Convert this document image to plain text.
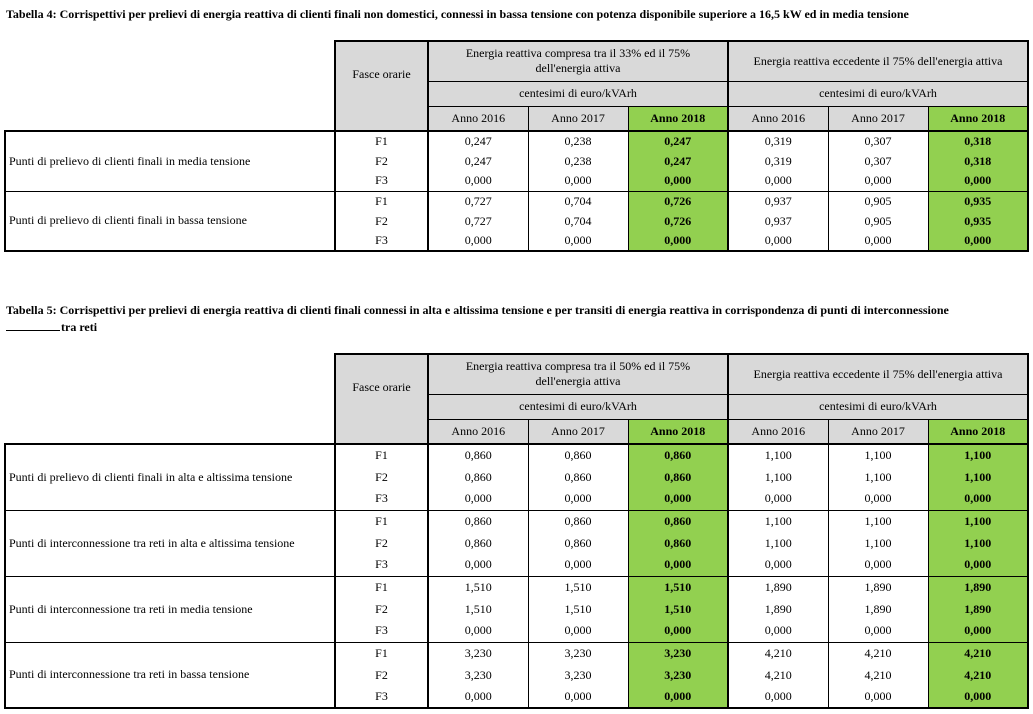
Tabella 4: Corrispettivi per prelievi di energia reattiva di clienti finali non domestici, connessi in bassa tensione con potenza disponibile superiore a 16,5 kW ed in media tensione
Tabella 5: Corrispettivi per prelievi di energia reattiva di clienti finali connessi in alta e altissima tensione e per transiti di energia reattiva in corrispondenza di punti di interconnessione
tra reti
	Fasce orarie	Energia reattiva compresa tra il 33% ed il 75%
dell'energia attiva			Energia reattiva eccedente il 75% dell'energia attiva		
		centesimi di euro/kVArh			centesimi di euro/kVArh		
		Anno 2016	Anno 2017	Anno 2018	Anno 2016	Anno 2017	Anno 2018
Punti di prelievo di clienti finali in media tensione	F1	0,247	0,238	0,247	0,319	0,307	0,318
	F2	0,247	0,238	0,247	0,319	0,307	0,318
	F3	0,000	0,000	0,000	0,000	0,000	0,000
Punti di prelievo di clienti finali in bassa tensione	F1	0,727	0,704	0,726	0,937	0,905	0,935
	F2	0,727	0,704	0,726	0,937	0,905	0,935
	F3	0,000	0,000	0,000	0,000	0,000	0,000
	Fasce orarie	Energia reattiva compresa tra il 50% ed il 75%
dell'energia attiva			Energia reattiva eccedente il 75% dell'energia attiva		
		centesimi di euro/kVArh			centesimi di euro/kVArh		
		Anno 2016	Anno 2017	Anno 2018	Anno 2016	Anno 2017	Anno 2018
Punti di prelievo di clienti finali in alta e altissima tensione	F1	0,860	0,860	0,860	1,100	1,100	1,100
	F2	0,860	0,860	0,860	1,100	1,100	1,100
	F3	0,000	0,000	0,000	0,000	0,000	0,000
Punti di interconnessione tra reti in alta e altissima tensione	F1	0,860	0,860	0,860	1,100	1,100	1,100
	F2	0,860	0,860	0,860	1,100	1,100	1,100
	F3	0,000	0,000	0,000	0,000	0,000	0,000
Punti di interconnessione tra reti in media tensione	F1	1,510	1,510	1,510	1,890	1,890	1,890
	F2	1,510	1,510	1,510	1,890	1,890	1,890
	F3	0,000	0,000	0,000	0,000	0,000	0,000
Punti di interconnessione tra reti in bassa tensione	F1	3,230	3,230	3,230	4,210	4,210	4,210
	F2	3,230	3,230	3,230	4,210	4,210	4,210
	F3	0,000	0,000	0,000	0,000	0,000	0,000
